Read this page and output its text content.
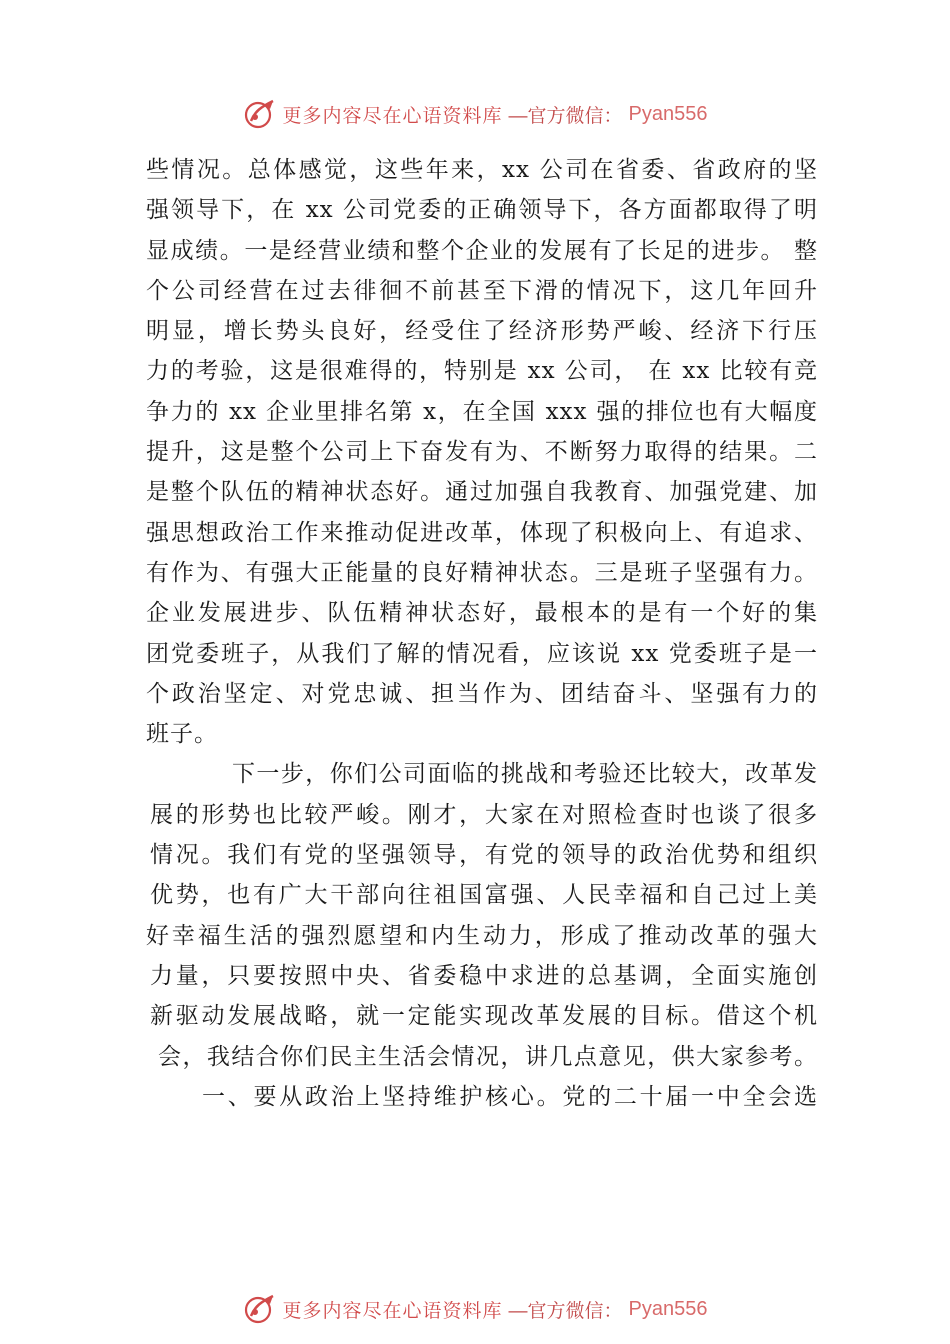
更多内容尽在心语资料库 —官方微信： Pyan556
些情况。总体感觉，这些年来，xx 公司在省委、省政府的坚
强领导下，在 xx 公司党委的正确领导下，各方面都取得了明
显成绩。一是经营业绩和整个企业的发展有了长足的进步。 整
个公司经营在过去徘徊不前甚至下滑的情况下，这几年回升
明显，增长势头良好，经受住了经济形势严峻、经济下行压
力的考验，这是很难得的，特别是 xx 公司， 在 xx 比较有竞
争力的 xx 企业里排名第 x，在全国 xxx 强的排位也有大幅度
提升，这是整个公司上下奋发有为、不断努力取得的结果。二
是整个队伍的精神状态好。通过加强自我教育、加强党建、加
强思想政治工作来推动促进改革，体现了积极向上、有追求、
有作为、有强大正能量的良好精神状态。三是班子坚强有力。
企业发展进步、队伍精神状态好，最根本的是有一个好的集
团党委班子，从我们了解的情况看，应该说 xx 党委班子是一
个政治坚定、对党忠诚、担当作为、团结奋斗、坚强有力的
班子。
下一步，你们公司面临的挑战和考验还比较大，改革发
展的形势也比较严峻。刚才，大家在对照检查时也谈了很多
情况。我们有党的坚强领导，有党的领导的政治优势和组织
优势，也有广大干部向往祖国富强、人民幸福和自己过上美
好幸福生活的强烈愿望和内生动力，形成了推动改革的强大
力量，只要按照中央、省委稳中求进的总基调，全面实施创
新驱动发展战略，就一定能实现改革发展的目标。借这个机
会，我结合你们民主生活会情况，讲几点意见，供大家参考。
一、要从政治上坚持维护核心。党的二十届一中全会选
更多内容尽在心语资料库 —官方微信： Pyan556
